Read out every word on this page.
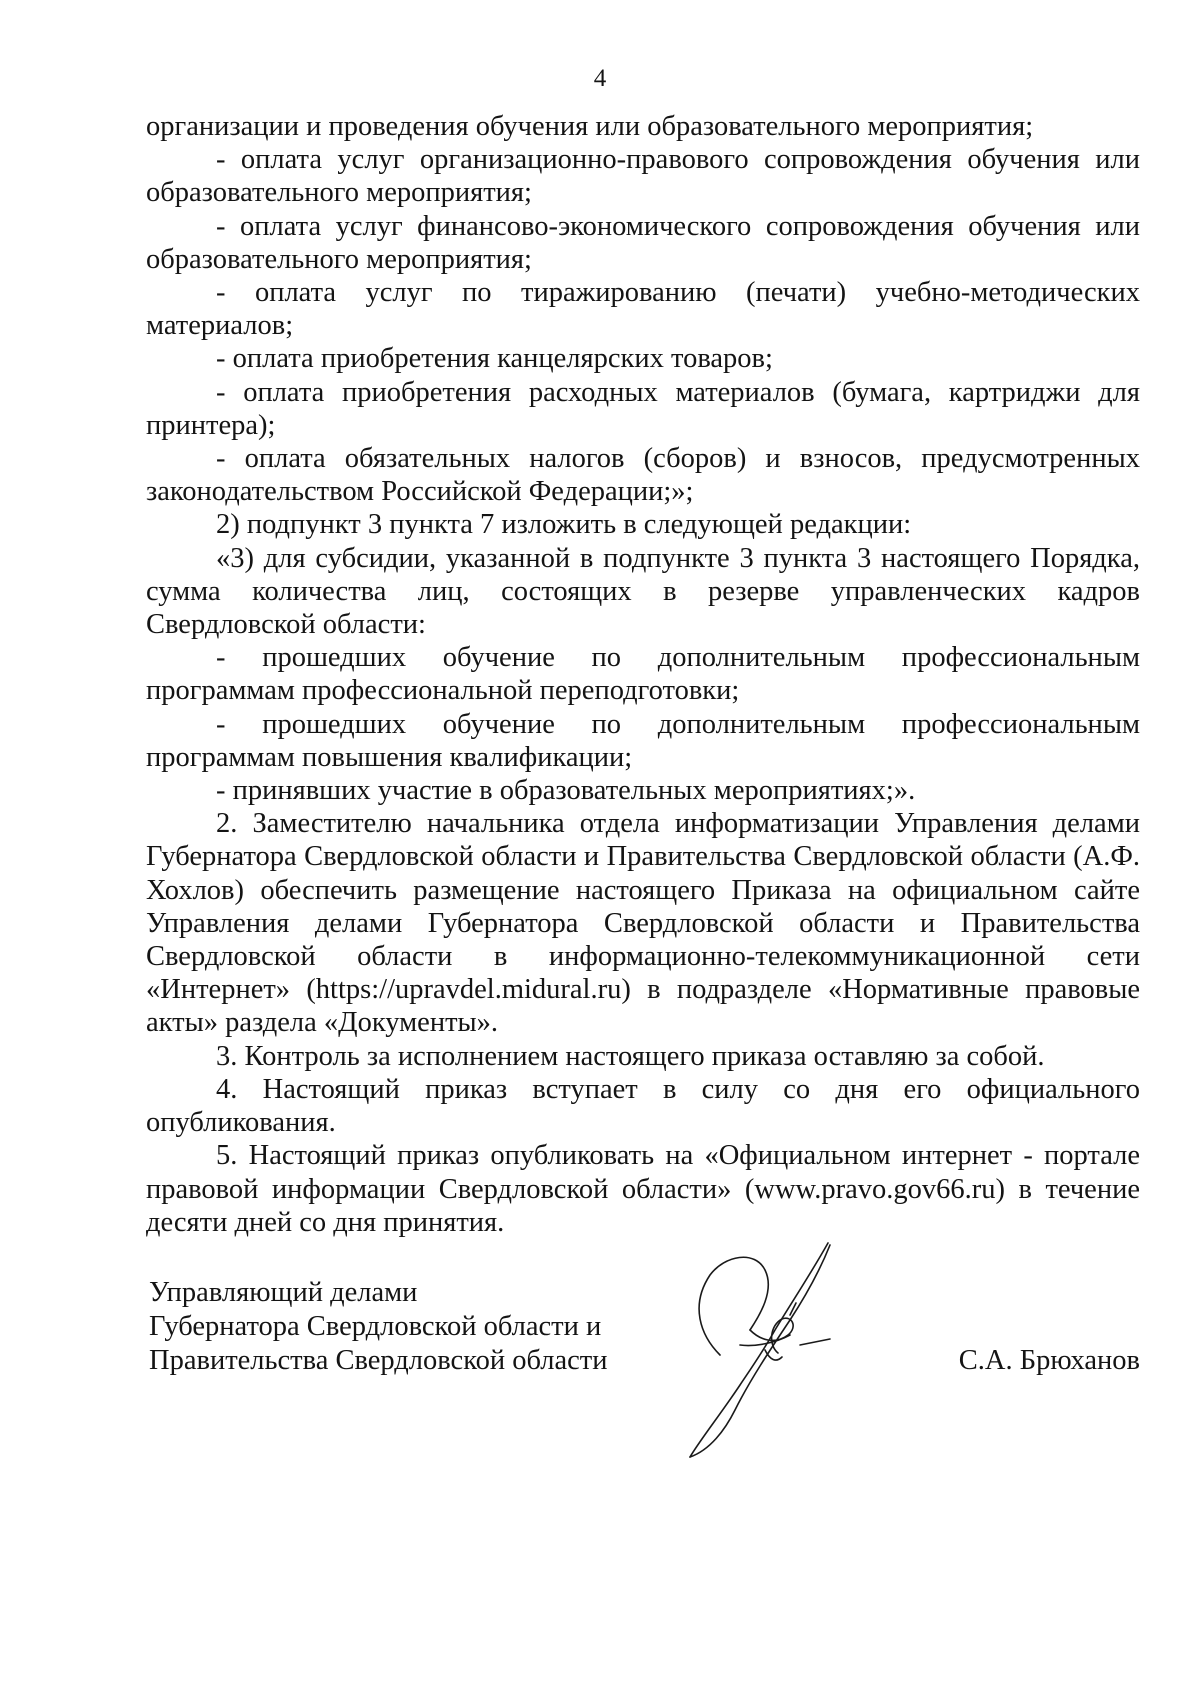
4

организации и проведения обучения или образовательного мероприятия;

- оплата услуг организационно-правового сопровождения обучения или образовательного мероприятия;

- оплата услуг финансово-экономического сопровождения обучения или образовательного мероприятия;

- оплата услуг по тиражированию (печати) учебно-методических материалов;

- оплата приобретения канцелярских товаров;

- оплата приобретения расходных материалов (бумага, картриджи для принтера);

- оплата обязательных налогов (сборов) и взносов, предусмотренных законодательством Российской Федерации;»;

2) подпункт 3 пункта 7 изложить в следующей редакции:

«3) для субсидии, указанной в подпункте 3 пункта 3 настоящего Порядка, сумма количества лиц, состоящих в резерве управленческих кадров Свердловской области:

- прошедших обучение по дополнительным профессиональным программам профессиональной переподготовки;

- прошедших обучение по дополнительным профессиональным программам повышения квалификации;

- принявших участие в образовательных мероприятиях;».

2. Заместителю начальника отдела информатизации Управления делами Губернатора Свердловской области и Правительства Свердловской области (А.Ф. Хохлов) обеспечить размещение настоящего Приказа на официальном сайте Управления делами Губернатора Свердловской области и Правительства Свердловской области в информационно-телекоммуникационной сети «Интернет» (https://upravdel.midural.ru) в подразделе «Нормативные правовые акты» раздела «Документы».

3. Контроль за исполнением настоящего приказа оставляю за собой.

4. Настоящий приказ вступает в силу со дня его официального опубликования.

5. Настоящий приказ опубликовать на «Официальном интернет - портале правовой информации Свердловской области» (www.pravo.gov66.ru) в течение десяти дней со дня принятия.

Управляющий делами
Губернатора Свердловской области и
Правительства Свердловской области	С.А. Брюханов
